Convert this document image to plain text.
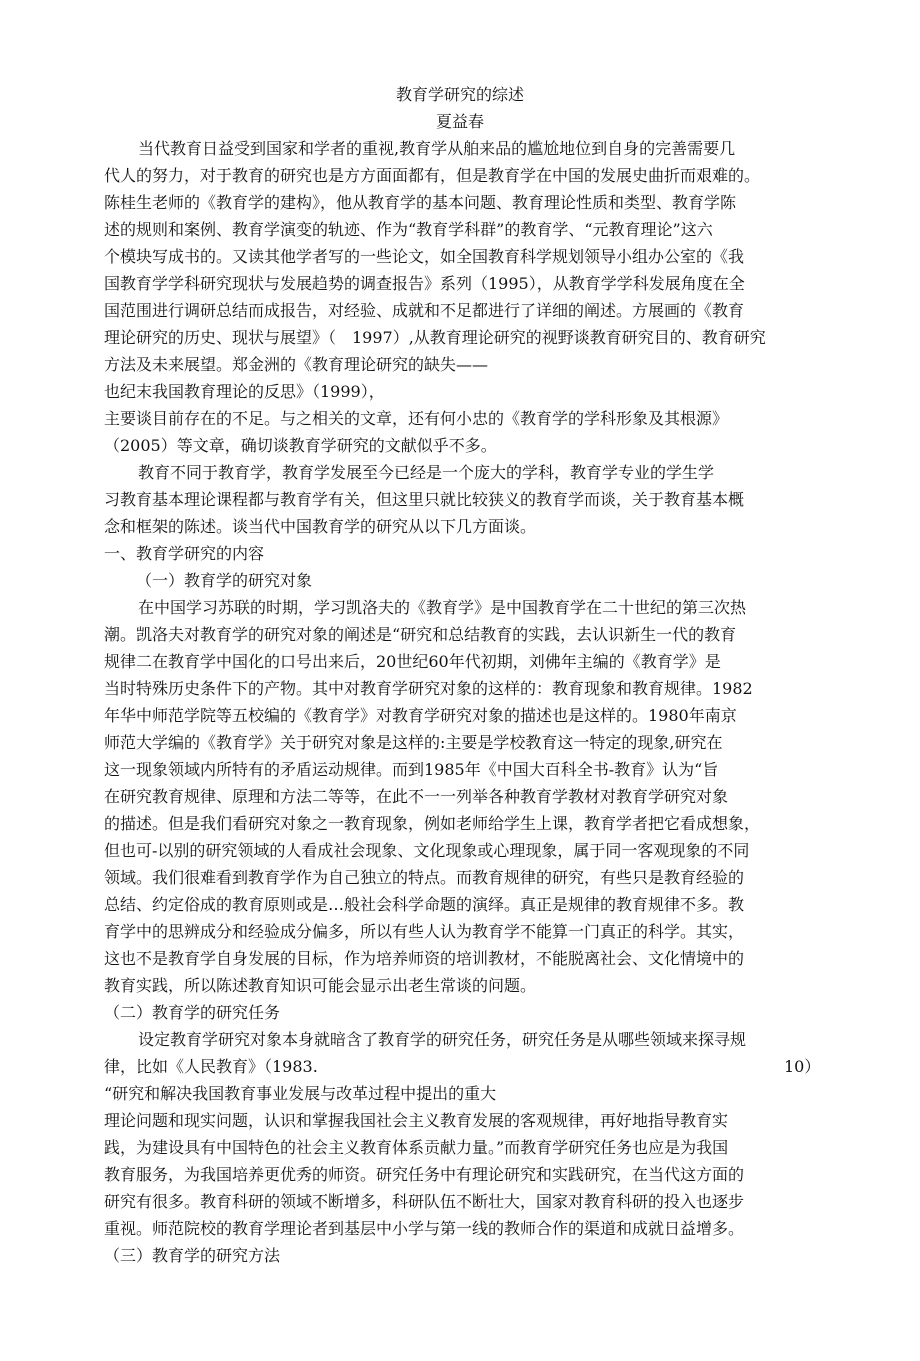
教育学研究的综述
夏益春
当代教育日益受到国家和学者的重视,教育学从舶来品的尴尬地位到自身的完善需要几
代人的努力，对于教育的研究也是方方面面都有，但是教育学在中国的发展史曲折而艰难的。
陈桂生老师的《教育学的建构》，他从教育学的基本问题、教育理论性质和类型、教育学陈
述的规则和案例、教育学演变的轨迹、作为“教育学科群”的教育学、“元教育理论”这六
个模块写成书的。又读其他学者写的一些论文，如全国教育科学规划领导小组办公室的《我
国教育学学科研究现状与发展趋势的调查报告》系列（1995），从教育学学科发展角度在全
国范围进行调研总结而成报告，对经验、成就和不足都进行了详细的阐述。方展画的《教育
理论研究的历史、现状与展望》（　1997）,从教育理论研究的视野谈教育研究目的、教育研究
方法及未来展望。郑金洲的《教育理论研究的缺失——
也纪末我国教育理论的反思》（1999），
主要谈目前存在的不足。与之相关的文章，还有何小忠的《教育学的学科形象及其根源》
（2005）等文章，确切谈教育学研究的文献似乎不多。
教育不同于教育学，教育学发展至今已经是一个庞大的学科，教育学专业的学生学
习教育基本理论课程都与教育学有关，但这里只就比较狭义的教育学而谈，关于教育基本概
念和框架的陈述。谈当代中国教育学的研究从以下几方面谈。
一、教育学研究的内容
（一）教育学的研究对象
在中国学习苏联的时期，学习凯洛夫的《教育学》是中国教育学在二十世纪的第三次热
潮。凯洛夫对教育学的研究对象的阐述是“研究和总结教育的实践，去认识新生一代的教育
规律二在教育学中国化的口号出来后，20世纪60年代初期，刘佛年主编的《教育学》是
当时特殊历史条件下的产物。其中对教育学研究对象的这样的：教育现象和教育规律。1982
年华中师范学院等五校编的《教育学》对教育学研究对象的描述也是这样的。1980年南京
师范大学编的《教育学》关于研究对象是这样的:主要是学校教育这一特定的现象,研究在
这一现象领域内所特有的矛盾运动规律。而到1985年《中国大百科全书-教育》认为“旨
在研究教育规律、原理和方法二等等，在此不一一列举各种教育学教材对教育学研究对象
的描述。但是我们看研究对象之一教育现象，例如老师给学生上课，教育学者把它看成想象，
但也可-以别的研究领域的人看成社会现象、文化现象或心理现象，属于同一客观现象的不同
领域。我们很难看到教育学作为自己独立的特点。而教育规律的研究，有些只是教育经验的
总结、约定俗成的教育原则或是…般社会科学命题的演绎。真正是规律的教育规律不多。教
育学中的思辨成分和经验成分偏多，所以有些人认为教育学不能算一门真正的科学。其实，
这也不是教育学自身发展的目标，作为培养师资的培训教材，不能脱离社会、文化情境中的
教育实践，所以陈述教育知识可能会显示出老生常谈的问题。
（二）教育学的研究任务
设定教育学研究对象本身就暗含了教育学的研究任务，研究任务是从哪些领域来探寻规
律，比如《人民教育》（1983.	10）
“研究和解决我国教育事业发展与改革过程中提出的重大
理论问题和现实问题，认识和掌握我国社会主义教育发展的客观规律，再好地指导教育实
践，为建设具有中国特色的社会主义教育体系贡献力量。”而教育学研究任务也应是为我国
教育服务，为我国培养更优秀的师资。研究任务中有理论研究和实践研究，在当代这方面的
研究有很多。教育科研的领域不断增多，科研队伍不断壮大，国家对教育科研的投入也逐步
重视。师范院校的教育学理论者到基层中小学与第一线的教师合作的渠道和成就日益增多。
（三）教育学的研究方法
